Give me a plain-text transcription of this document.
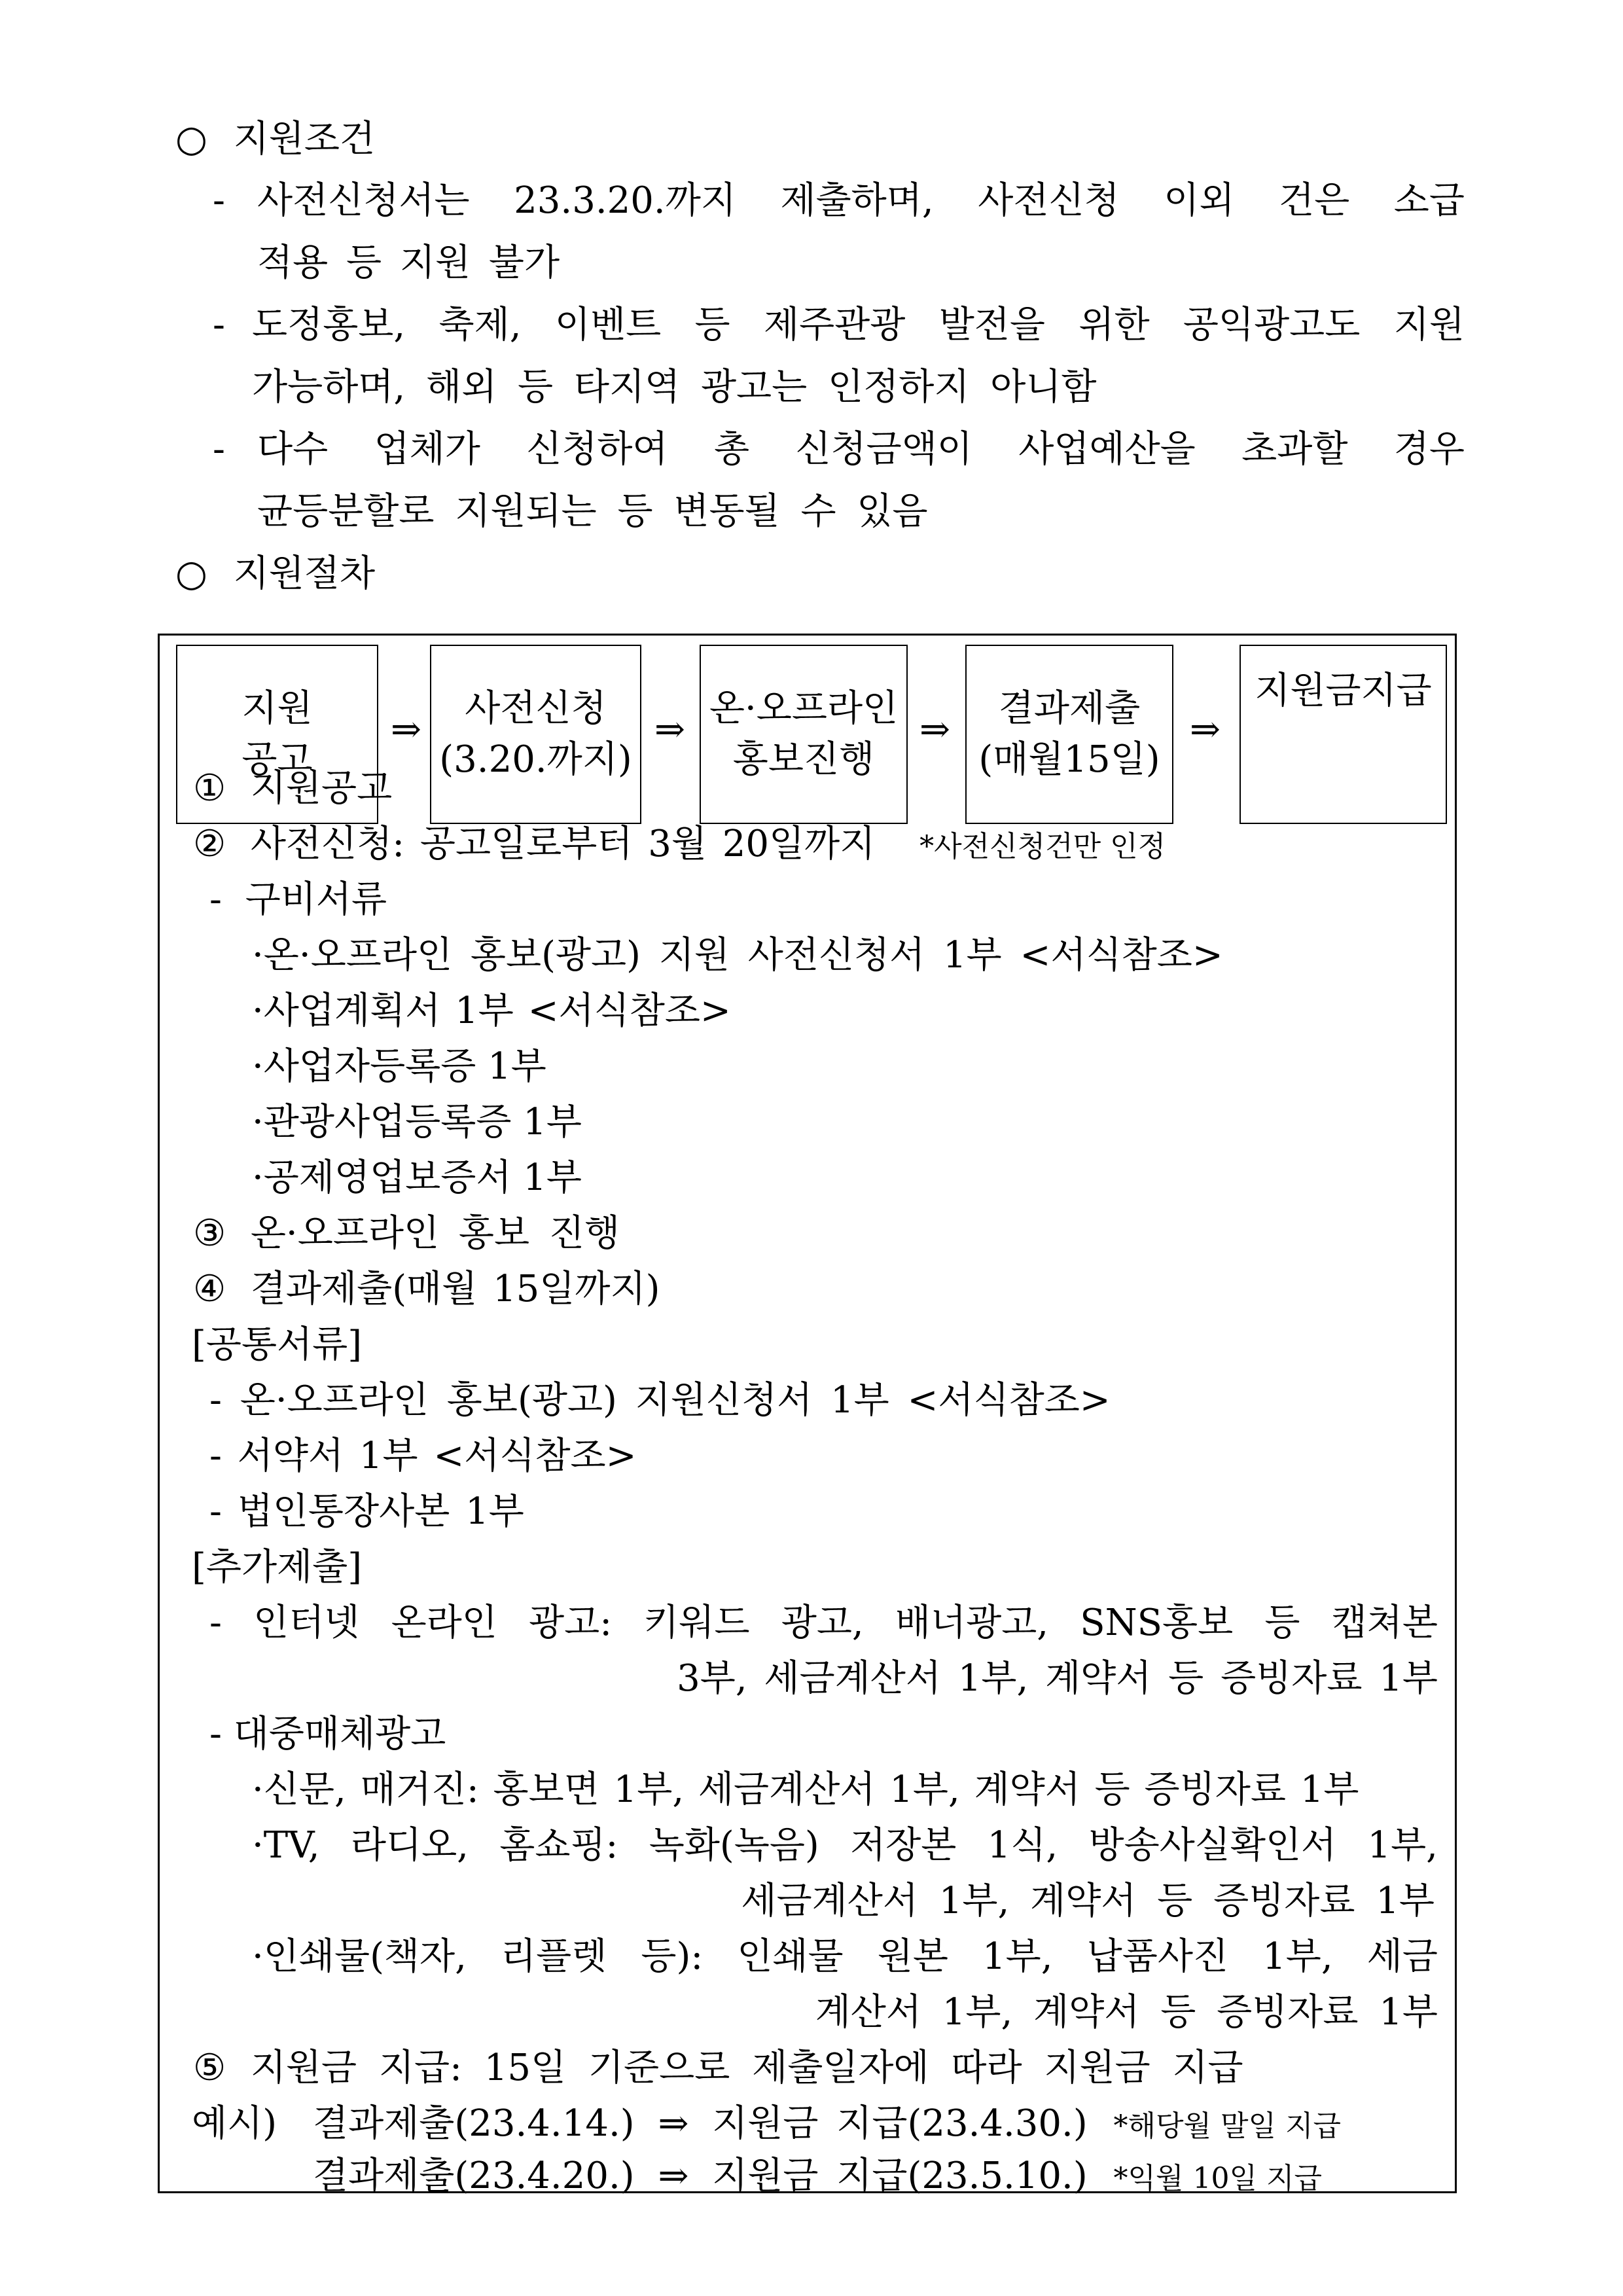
○ 지원조건
- 사전신청서는 23.3.20.까지 제출하며, 사전신청 이외 건은 소급
적용 등 지원 불가
- 도정홍보, 축제, 이벤트 등 제주관광 발전을 위한 공익광고도 지원
가능하며, 해외 등 타지역 광고는 인정하지 아니함
- 다수 업체가 신청하여 총 신청금액이 사업예산을 초과할 경우
균등분할로 지원되는 등 변동될 수 있음
○ 지원절차
지원
공고
⇒ 사전신청
(3.20.까지)
⇒ 온·오프라인
홍보진행
⇒ 결과제출
(매월15일)
⇒
지원금지급
① 지원공고
② 사전신청: 공고일로부터 3월 20일까지 *사전신청건만 인정
- 구비서류
·온·오프라인 홍보(광고) 지원 사전신청서 1부 <서식참조>
·사업계획서 1부 <서식참조>
·사업자등록증 1부
·관광사업등록증 1부
·공제영업보증서 1부
③ 온·오프라인 홍보 진행
④ 결과제출(매월 15일까지)
[공통서류]
- 온·오프라인 홍보(광고) 지원신청서 1부 <서식참조>
- 서약서 1부 <서식참조>
- 법인통장사본 1부
[추가제출]
- 인터넷 온라인 광고: 키워드 광고, 배너광고, SNS홍보 등 캡쳐본
3부, 세금계산서 1부, 계약서 등 증빙자료 1부
- 대중매체광고
·신문, 매거진: 홍보면 1부, 세금계산서 1부, 계약서 등 증빙자료 1부
·TV, 라디오, 홈쇼핑: 녹화(녹음) 저장본 1식, 방송사실확인서 1부,
세금계산서 1부, 계약서 등 증빙자료 1부
·인쇄물(책자, 리플렛 등): 인쇄물 원본 1부, 납품사진 1부, 세금
계산서 1부, 계약서 등 증빙자료 1부
⑤ 지원금 지급: 15일 기준으로 제출일자에 따라 지원금 지급
예시) 결과제출(23.4.14.) ⇒ 지원금 지급(23.4.30.) *해당월 말일 지급
결과제출(23.4.20.) ⇒ 지원금 지급(23.5.10.) *익월 10일 지급
